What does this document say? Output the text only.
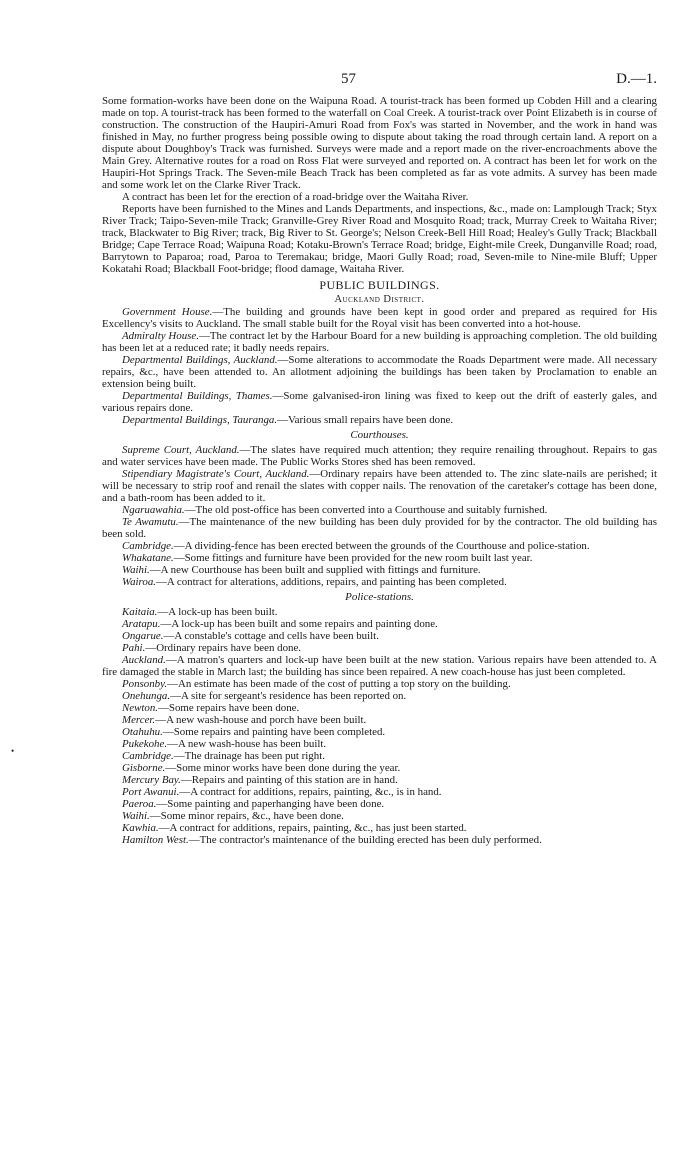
57	D.—1.

Some formation-works have been done on the Waipuna Road. A tourist-track has been formed up Cobden Hill and a clearing made on top. A tourist-track has been formed to the waterfall on Coal Creek. A tourist-track over Point Elizabeth is in course of construction. The construction of the Haupiri-Amuri Road from Fox's was started in November, and the work in hand was finished in May, no further progress being possible owing to dispute about taking the road through certain land. A report on a dispute about Doughboy's Track was furnished. Surveys were made and a report made on the river-encroachments above the Main Grey. Alternative routes for a road on Ross Flat were surveyed and reported on. A contract has been let for work on the Haupiri-Hot Springs Track. The Seven-mile Beach Track has been completed as far as vote admits. A survey has been made and some work let on the Clarke River Track.

A contract has been let for the erection of a road-bridge over the Waitaha River.

Reports have been furnished to the Mines and Lands Departments, and inspections, &c., made on: Lamplough Track; Styx River Track; Taipo-Seven-mile Track; Granville-Grey River Road and Mosquito Road; track, Murray Creek to Waitaha River; track, Blackwater to Big River; track, Big River to St. George's; Nelson Creek-Bell Hill Road; Healey's Gully Track; Blackball Bridge; Cape Terrace Road; Waipuna Road; Kotaku-Brown's Terrace Road; bridge, Eight-mile Creek, Dunganville Road; road, Barrytown to Paparoa; road, Paroa to Teremakau; bridge, Maori Gully Road; road, Seven-mile to Nine-mile Bluff; Upper Kokatahi Road; Blackball Foot-bridge; flood damage, Waitaha River.

PUBLIC BUILDINGS.
Auckland District.

Government House.—The building and grounds have been kept in good order and prepared as required for His Excellency's visits to Auckland. The small stable built for the Royal visit has been converted into a hot-house.

Admiralty House.—The contract let by the Harbour Board for a new building is approaching completion. The old building has been let at a reduced rate; it badly needs repairs.

Departmental Buildings, Auckland.—Some alterations to accommodate the Roads Department were made. All necessary repairs, &c., have been attended to. An allotment adjoining the buildings has been taken by Proclamation to enable an extension being built.

Departmental Buildings, Thames.—Some galvanised-iron lining was fixed to keep out the drift of easterly gales, and various repairs done.

Departmental Buildings, Tauranga.—Various small repairs have been done.

Courthouses.

Supreme Court, Auckland.—The slates have required much attention; they require renailing throughout. Repairs to gas and water services have been made. The Public Works Stores shed has been removed.

Stipendiary Magistrate's Court, Auckland.—Ordinary repairs have been attended to. The zinc slate-nails are perished; it will be necessary to strip roof and renail the slates with copper nails. The renovation of the caretaker's cottage has been done, and a bath-room has been added to it.

Ngaruawahia.—The old post-office has been converted into a Courthouse and suitably furnished.

Te Awamutu.—The maintenance of the new building has been duly provided for by the contractor. The old building has been sold.

Cambridge.—A dividing-fence has been erected between the grounds of the Courthouse and police-station.

Whakatane.—Some fittings and furniture have been provided for the new room built last year.

Waihi.—A new Courthouse has been built and supplied with fittings and furniture.

Wairoa.—A contract for alterations, additions, repairs, and painting has been completed.

Police-stations.

Kaitaia.—A lock-up has been built.

Aratapu.—A lock-up has been built and some repairs and painting done.

Ongarue.—A constable's cottage and cells have been built.

Pahi.—Ordinary repairs have been done.

Auckland.—A matron's quarters and lock-up have been built at the new station. Various repairs have been attended to. A fire damaged the stable in March last; the building has since been repaired. A new coach-house has just been completed.

Ponsonby.—An estimate has been made of the cost of putting a top story on the building.

Onehunga.—A site for sergeant's residence has been reported on.

Newton.—Some repairs have been done.

Mercer.—A new wash-house and porch have been built.

Otahuhu.—Some repairs and painting have been completed.

Pukekohe.—A new wash-house has been built.

Cambridge.—The drainage has been put right.

Gisborne.—Some minor works have been done during the year.

Mercury Bay.—Repairs and painting of this station are in hand.

Port Awanui.—A contract for additions, repairs, painting, &c., is in hand.

Paeroa.—Some painting and paperhanging have been done.

Waihi.—Some minor repairs, &c., have been done.

Kawhia.—A contract for additions, repairs, painting, &c., has just been started.

Hamilton West.—The contractor's maintenance of the building erected has been duly performed.

•
